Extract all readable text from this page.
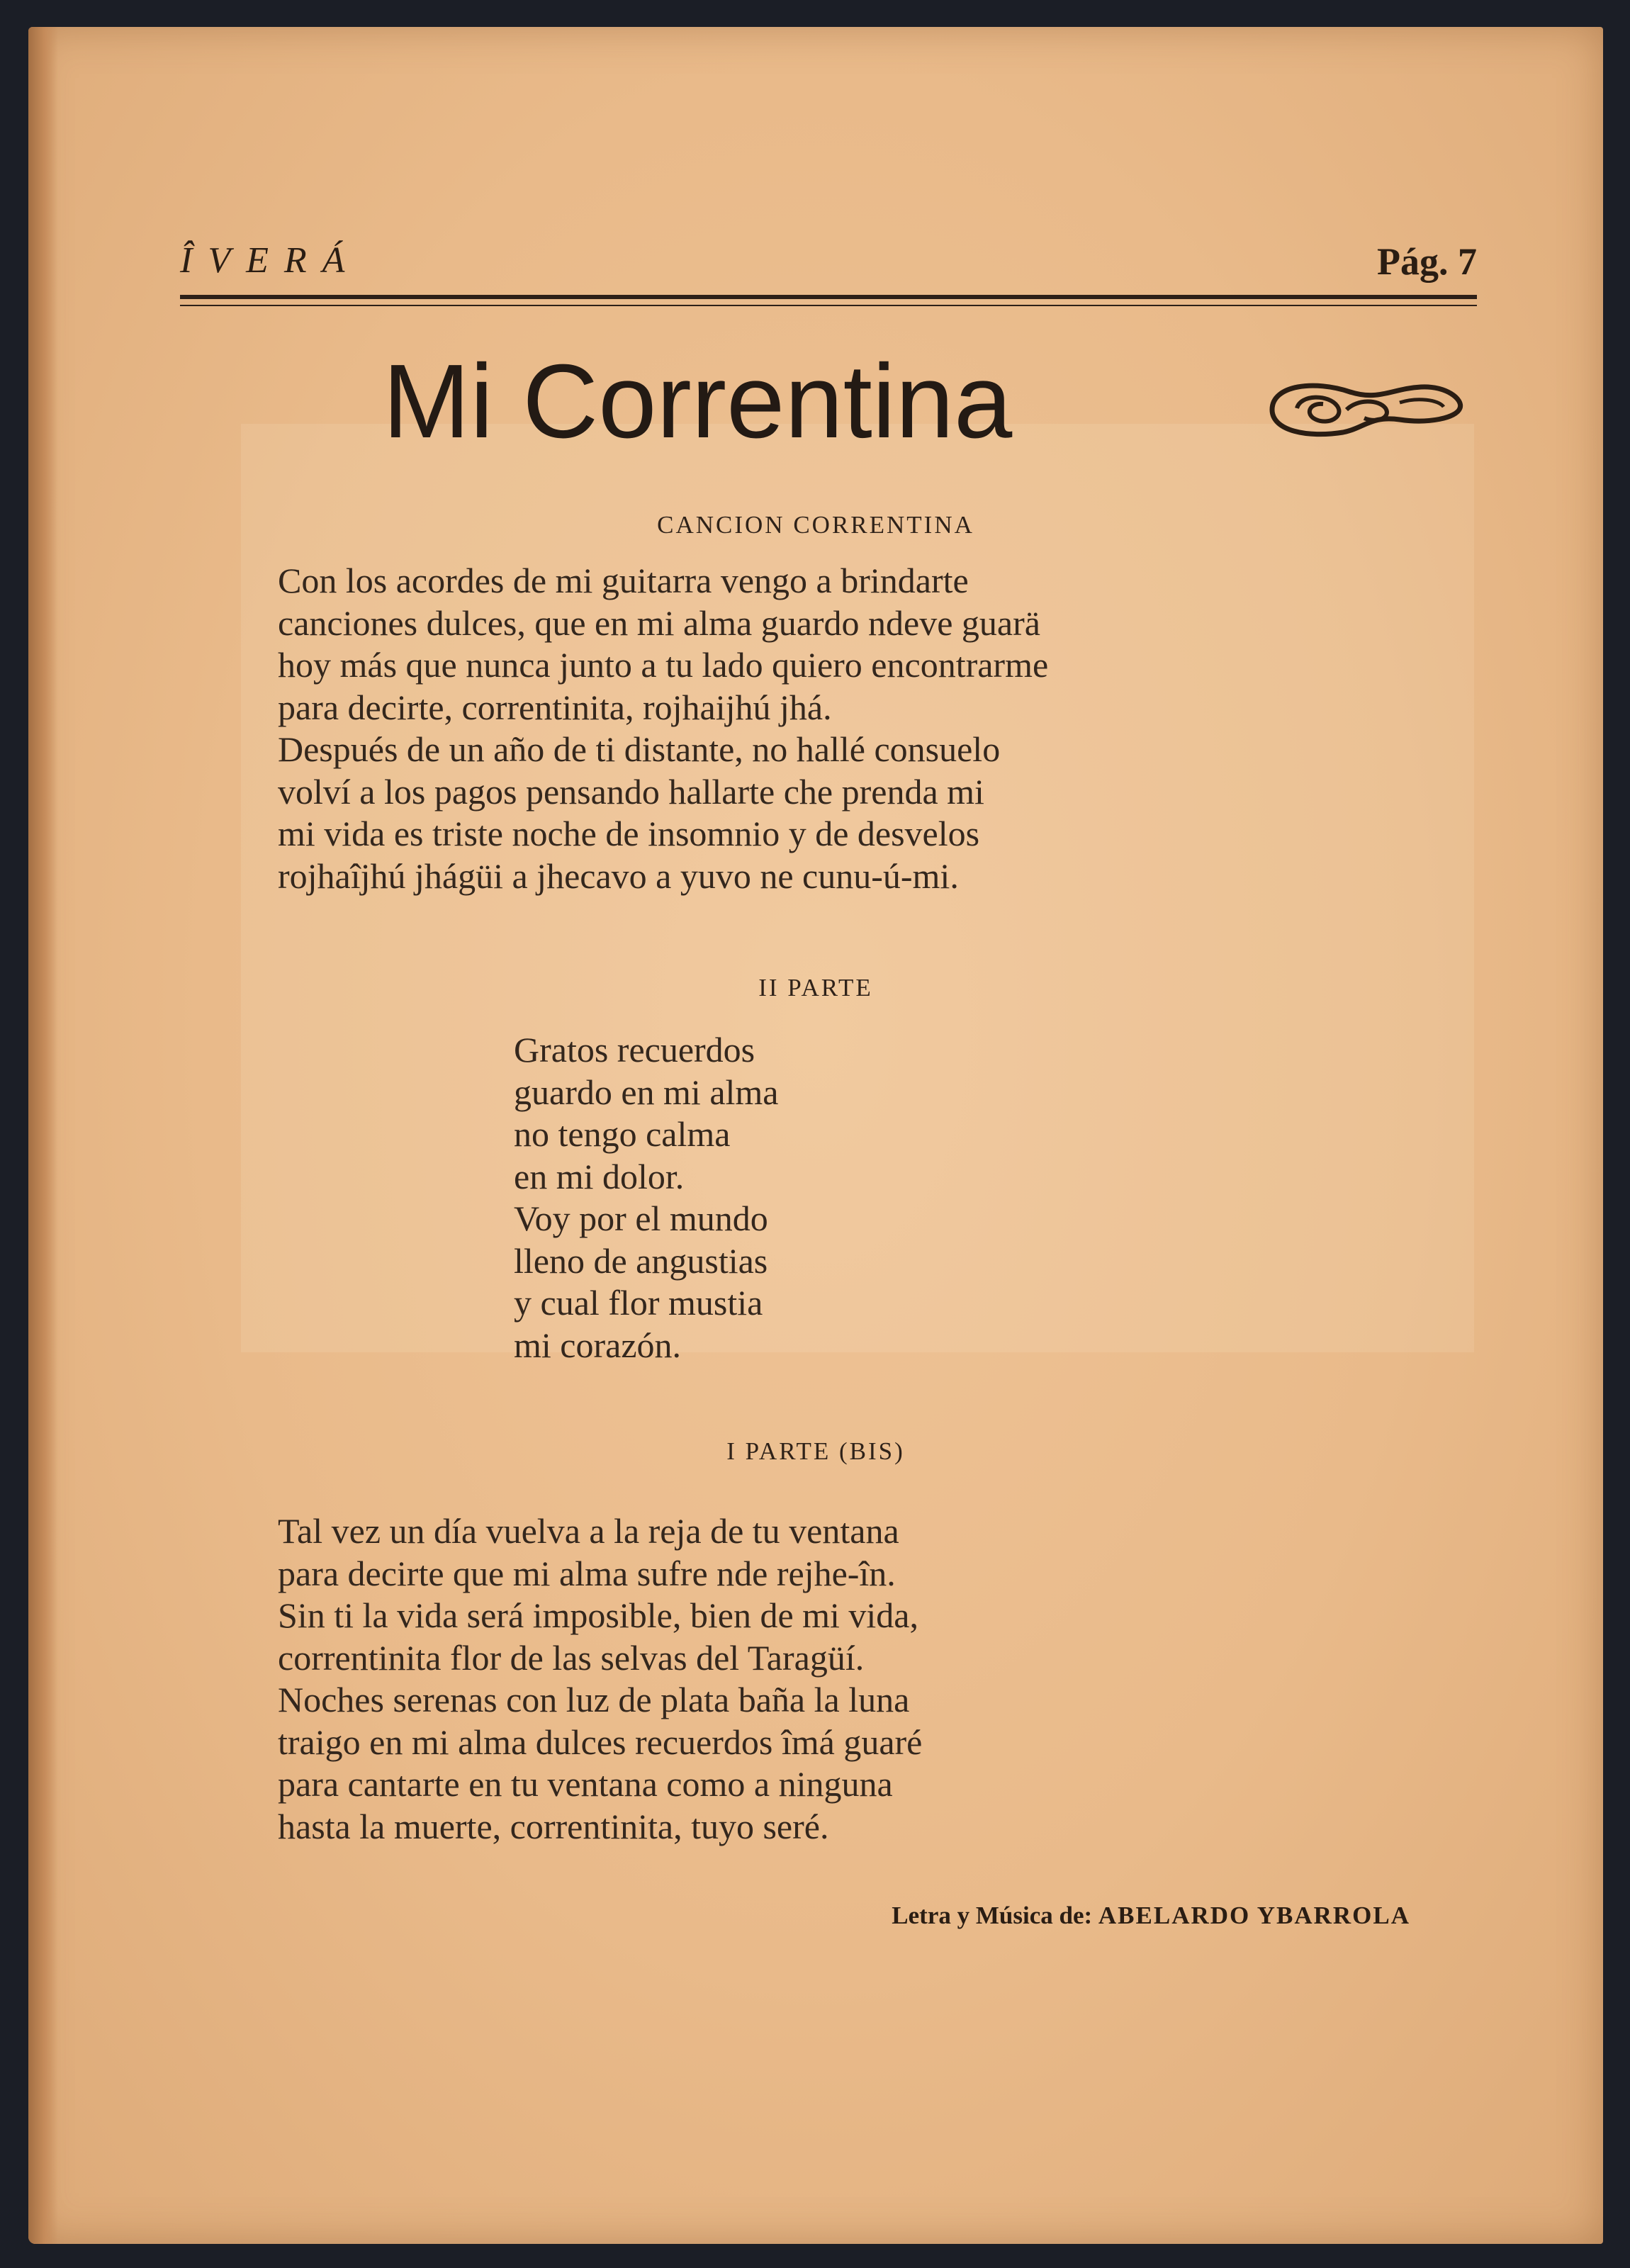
ÎVERÁ	Pág. 7
Mi Correntina
CANCION CORRENTINA
Con los acordes de mi guitarra vengo a brindarte
canciones dulces, que en mi alma guardo ndeve guarä
hoy más que nunca junto a tu lado quiero encontrarme
para decirte, correntinita, rojhaijhú jhá.
Después de un año de ti distante, no hallé consuelo
volví a los pagos pensando hallarte che prenda mi
mi vida es triste noche de insomnio y de desvelos
rojhaîjhú jhágüi a jhecavo a yuvo ne cunu-ú-mi.
II PARTE
Gratos recuerdos
guardo en mi alma
no tengo calma
en mi dolor.
Voy por el mundo
lleno de angustias
y cual flor mustia
mi corazón.
I PARTE (BIS)
Tal vez un día vuelva a la reja de tu ventana
para decirte que mi alma sufre nde rejhe-în.
Sin ti la vida será imposible, bien de mi vida,
correntinita flor de las selvas del Taragüí.
Noches serenas con luz de plata baña la luna
traigo en mi alma dulces recuerdos îmá guaré
para cantarte en tu ventana como a ninguna
hasta la muerte, correntinita, tuyo seré.
Letra y Música de: ABELARDO YBARROLA
